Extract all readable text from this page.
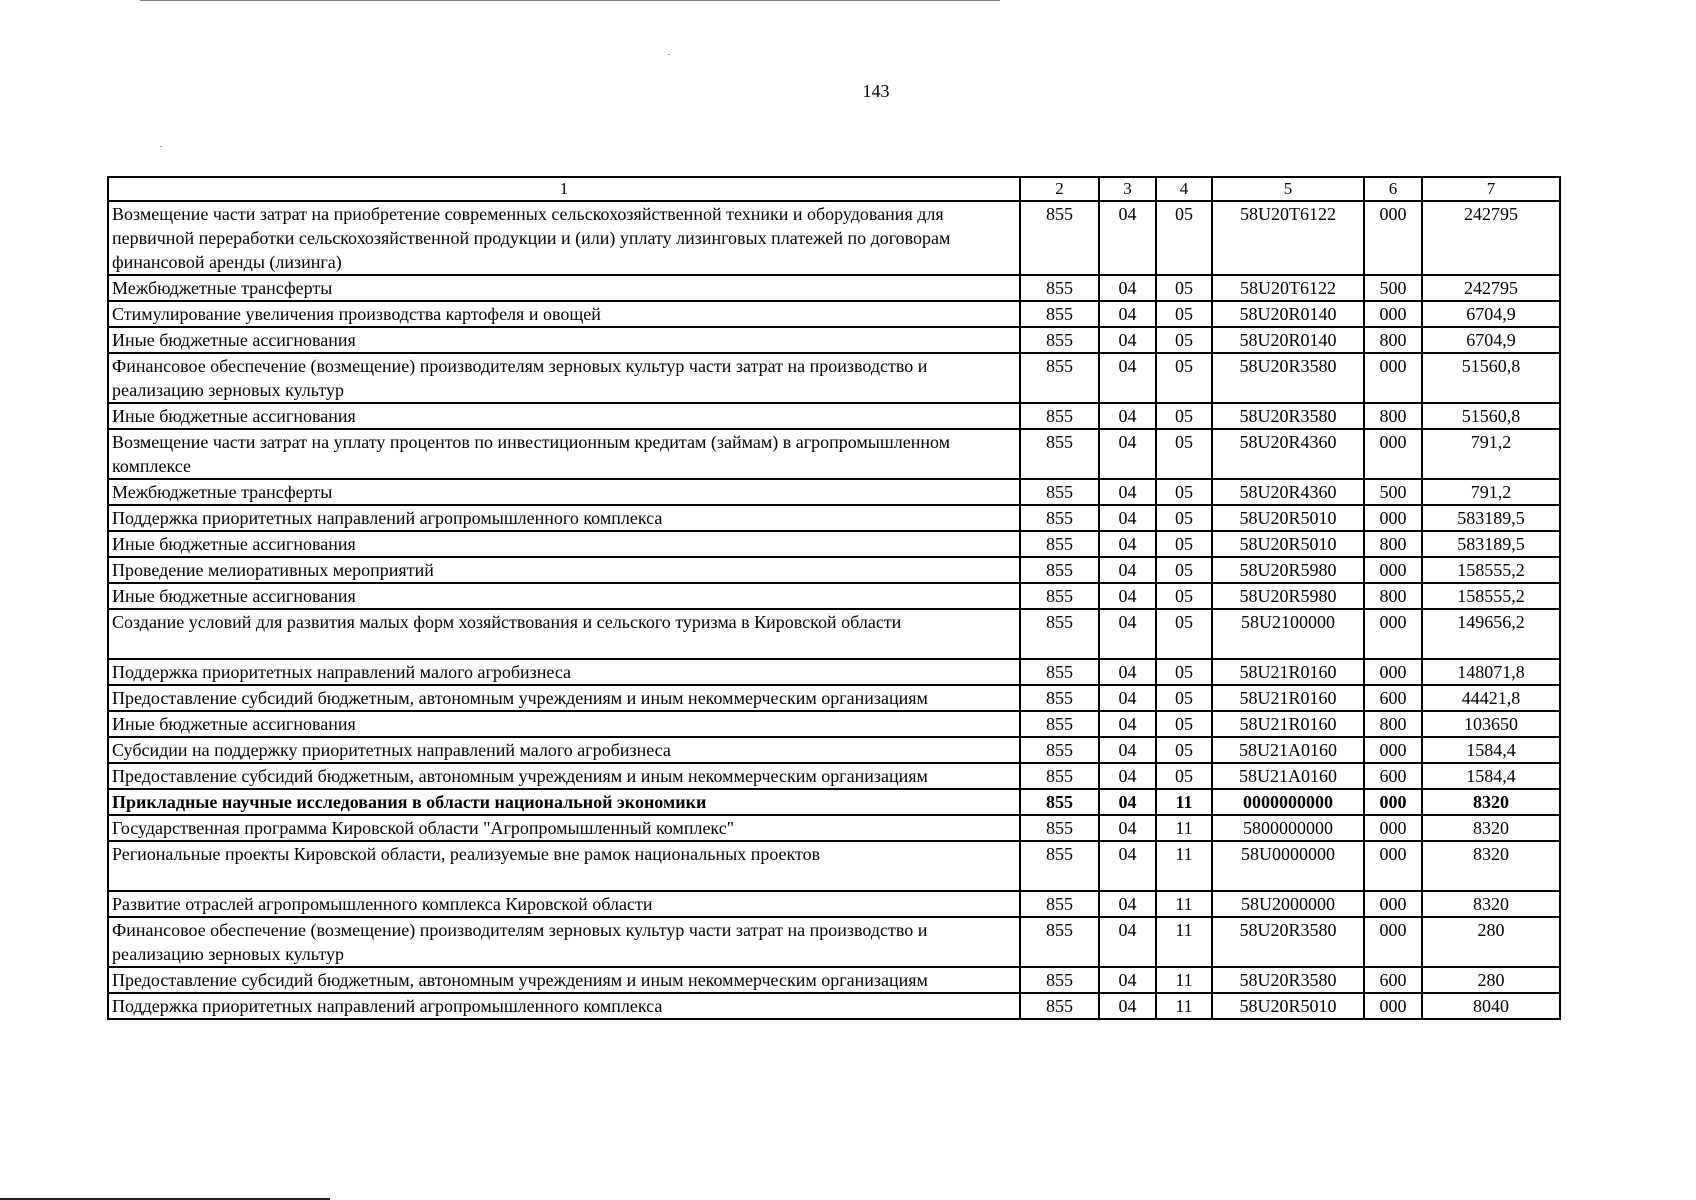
143
1	2	3	4	5	6	7
Возмещение части затрат на приобретение современных сельскохозяйственной техники и оборудования для первичной переработки сельскохозяйственной продукции и (или) уплату лизинговых платежей по договорам финансовой аренды (лизинга)	855	04	05	58U20T6122	000	242795
Межбюджетные трансферты	855	04	05	58U20T6122	500	242795
Стимулирование увеличения производства картофеля и овощей	855	04	05	58U20R0140	000	6704,9
Иные бюджетные ассигнования	855	04	05	58U20R0140	800	6704,9
Финансовое обеспечение (возмещение) производителям зерновых культур части затрат на производство и реализацию зерновых культур	855	04	05	58U20R3580	000	51560,8
Иные бюджетные ассигнования	855	04	05	58U20R3580	800	51560,8
Возмещение части затрат на уплату процентов по инвестиционным кредитам (займам) в агропромышленном комплексе	855	04	05	58U20R4360	000	791,2
Межбюджетные трансферты	855	04	05	58U20R4360	500	791,2
Поддержка приоритетных направлений агропромышленного комплекса	855	04	05	58U20R5010	000	583189,5
Иные бюджетные ассигнования	855	04	05	58U20R5010	800	583189,5
Проведение мелиоративных мероприятий	855	04	05	58U20R5980	000	158555,2
Иные бюджетные ассигнования	855	04	05	58U20R5980	800	158555,2
Создание условий для развития малых форм хозяйствования и сельского туризма в Кировской области	855	04	05	58U2100000	000	149656,2
Поддержка приоритетных направлений малого агробизнеса	855	04	05	58U21R0160	000	148071,8
Предоставление субсидий бюджетным, автономным учреждениям и иным некоммерческим организациям	855	04	05	58U21R0160	600	44421,8
Иные бюджетные ассигнования	855	04	05	58U21R0160	800	103650
Субсидии на поддержку приоритетных направлений малого агробизнеса	855	04	05	58U21A0160	000	1584,4
Предоставление субсидий бюджетным, автономным учреждениям и иным некоммерческим организациям	855	04	05	58U21A0160	600	1584,4
Прикладные научные исследования в области национальной экономики	855	04	11	0000000000	000	8320
Государственная программа Кировской области "Агропромышленный комплекс"	855	04	11	5800000000	000	8320
Региональные проекты Кировской области, реализуемые вне рамок национальных проектов	855	04	11	58U0000000	000	8320
Развитие отраслей агропромышленного комплекса Кировской области	855	04	11	58U2000000	000	8320
Финансовое обеспечение (возмещение) производителям зерновых культур части затрат на производство и реализацию зерновых культур	855	04	11	58U20R3580	000	280
Предоставление субсидий бюджетным, автономным учреждениям и иным некоммерческим организациям	855	04	11	58U20R3580	600	280
Поддержка приоритетных направлений агропромышленного комплекса	855	04	11	58U20R5010	000	8040
